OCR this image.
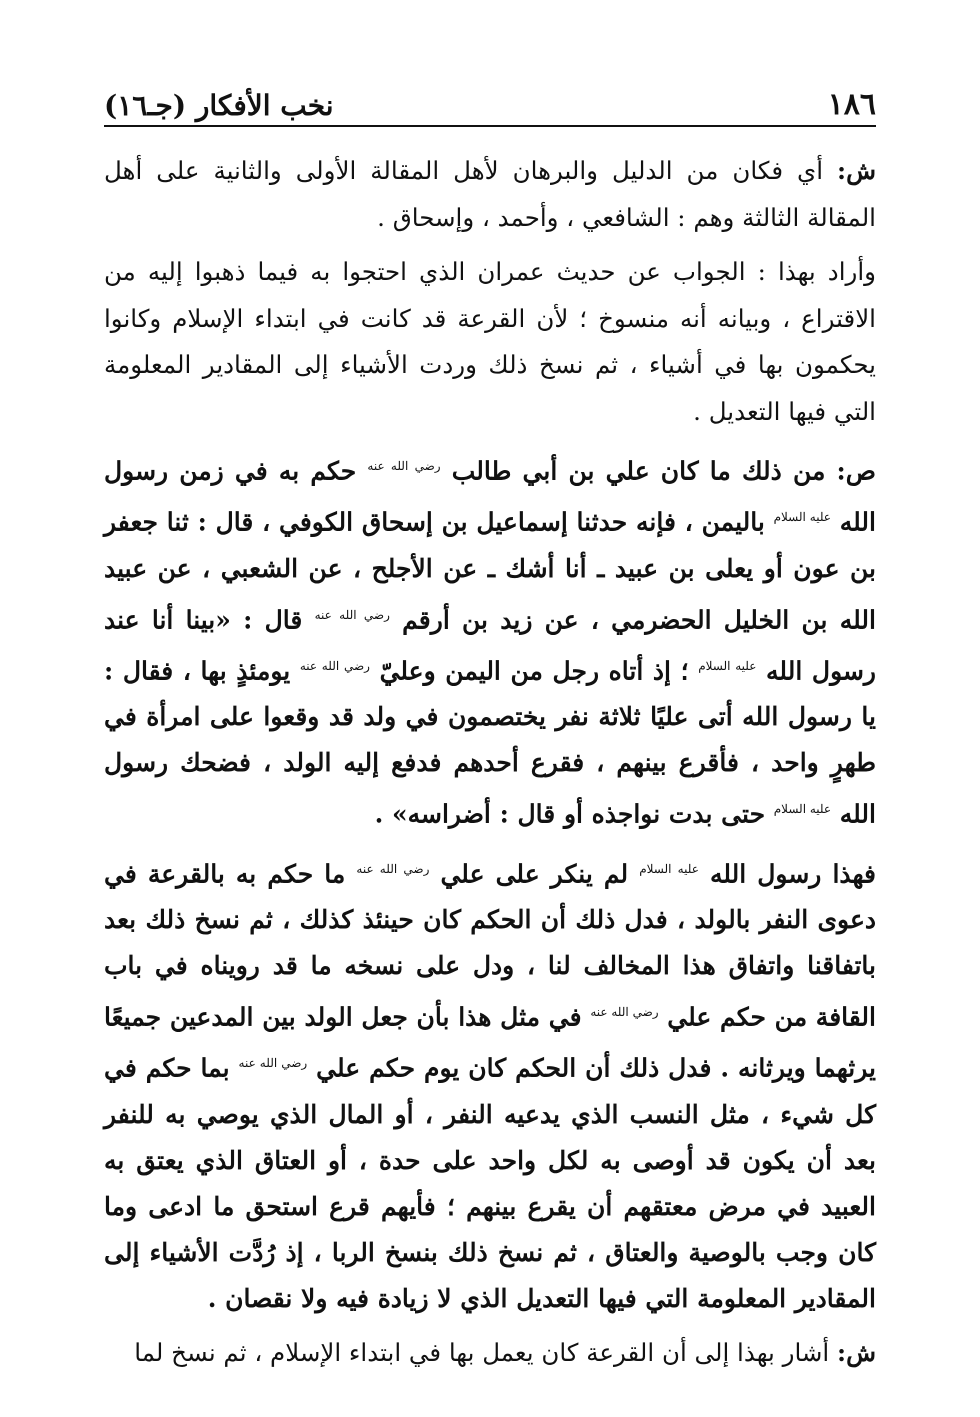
١٨٦
نخب الأفكار (جـ١٦)

ش: أي فكان من الدليل والبرهان لأهل المقالة الأولى والثانية على أهل المقالة الثالثة وهم : الشافعي ، وأحمد ، وإسحاق .

وأراد بهذا : الجواب عن حديث عمران الذي احتجوا به فيما ذهبوا إليه من الاقتراع ، وبيانه أنه منسوخ ؛ لأن القرعة قد كانت في ابتداء الإسلام وكانوا يحكمون بها في أشياء ، ثم نسخ ذلك وردت الأشياء إلى المقادير المعلومة التي فيها التعديل .

ص: من ذلك ما كان علي بن أبي طالب $^{رضي الله عنه}$ حكم به في زمن رسول الله $^{عليه السلام}$ باليمن ، فإنه حدثنا إسماعيل بن إسحاق الكوفي ، قال : ثنا جعفر بن عون أو يعلى بن عبيد ـ أنا أشك ـ عن الأجلح ، عن الشعبي ، عن عبيد الله بن الخليل الحضرمي ، عن زيد بن أرقم $^{رضي الله عنه}$ قال : «بينا أنا عند رسول الله $^{عليه السلام}$ ؛ إذ أتاه رجل من اليمن وعليّ $^{رضي الله عنه}$ يومئذٍ بها ، فقال : يا رسول الله أتى عليًا ثلاثة نفر يختصمون في ولد قد وقعوا على امرأة في طهرٍ واحد ، فأقرع بينهم ، فقرع أحدهم فدفع إليه الولد ، فضحك رسول الله $^{عليه السلام}$ حتى بدت نواجذه أو قال : أضراسه» .

فهذا رسول الله $^{عليه السلام}$ لم ينكر على علي $^{رضي الله عنه}$ ما حكم به بالقرعة في دعوى النفر بالولد ، فدل ذلك أن الحكم كان حينئذ كذلك ، ثم نسخ ذلك بعد باتفاقنا واتفاق هذا المخالف لنا ، ودل على نسخه ما قد رويناه في باب القافة من حكم علي $^{رضي الله عنه}$ في مثل هذا بأن جعل الولد بين المدعين جميعًا يرثهما ويرثانه . فدل ذلك أن الحكم كان يوم حكم علي $^{رضي الله عنه}$ بما حكم في كل شيء ، مثل النسب الذي يدعيه النفر ، أو المال الذي يوصي به للنفر بعد أن يكون قد أوصى به لكل واحد على حدة ، أو العتاق الذي يعتق به العبيد في مرض معتقهم أن يقرع بينهم ؛ فأيهم قرع استحق ما ادعى وما كان وجب بالوصية والعتاق ، ثم نسخ ذلك بنسخ الربا ، إذ رُدَّت الأشياء إلى المقادير المعلومة التي فيها التعديل الذي لا زيادة فيه ولا نقصان .

ش: أشار بهذا إلى أن القرعة كان يعمل بها في ابتداء الإسلام ، ثم نسخ لما
